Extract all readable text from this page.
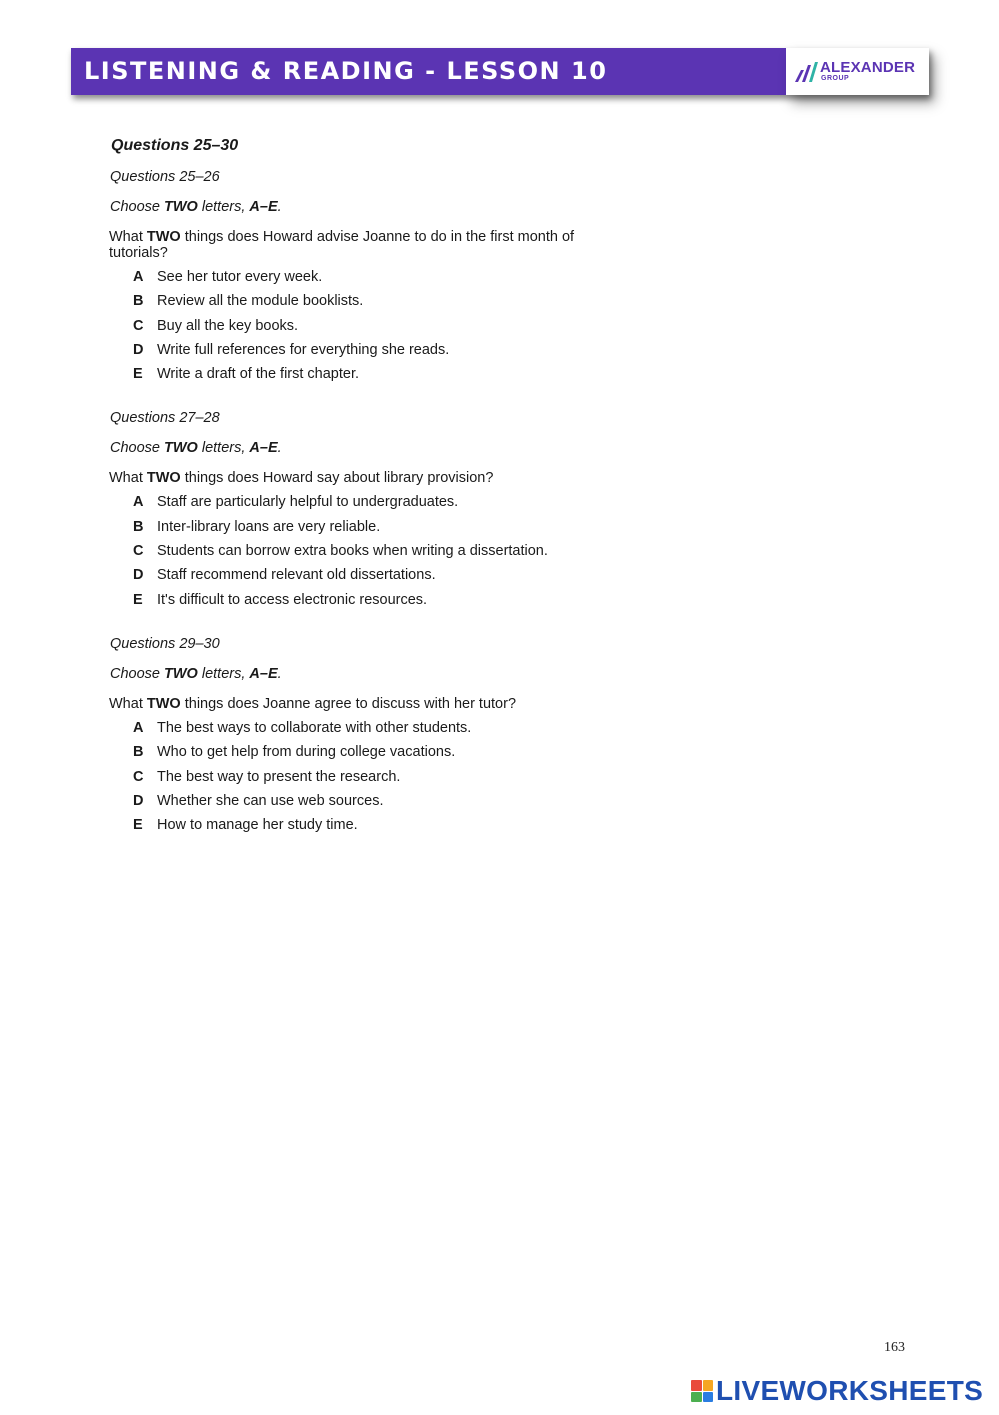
LISTENING & READING - LESSON 10	ALEXANDER
GROUP
Questions 25–30
Questions 25–26
Choose TWO letters, A–E.
What TWO things does Howard advise Joanne to do in the first month of tutorials?
A See her tutor every week.
B Review all the module booklists.
C Buy all the key books.
D Write full references for everything she reads.
E Write a draft of the first chapter.
Questions 27–28
Choose TWO letters, A–E.
What TWO things does Howard say about library provision?
A Staff are particularly helpful to undergraduates.
B Inter-library loans are very reliable.
C Students can borrow extra books when writing a dissertation.
D Staff recommend relevant old dissertations.
E It's difficult to access electronic resources.
Questions 29–30
Choose TWO letters, A–E.
What TWO things does Joanne agree to discuss with her tutor?
A The best ways to collaborate with other students.
B Who to get help from during college vacations.
C The best way to present the research.
D Whether she can use web sources.
E How to manage her study time.
163
LIVEWORKSHEETS
